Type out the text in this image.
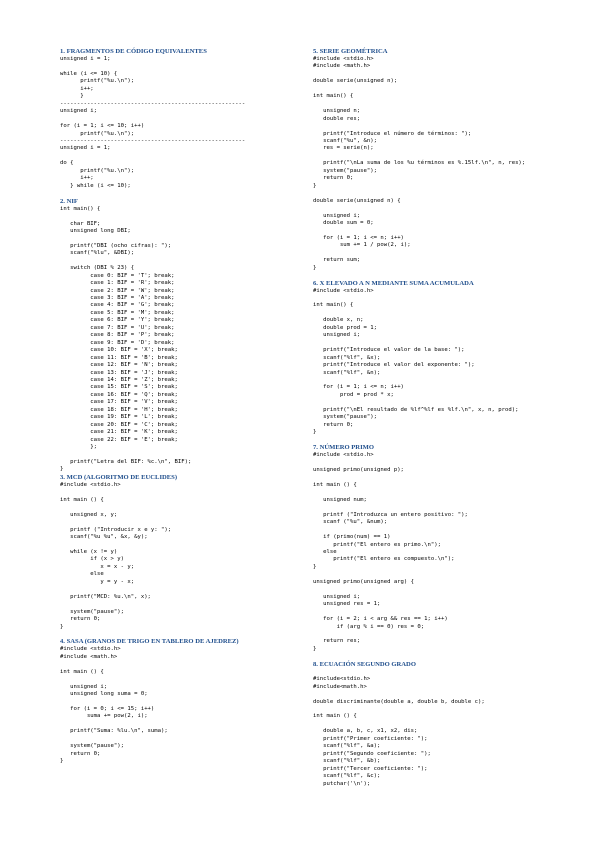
1. FRAGMENTOS DE CÓDIGO EQUIVALENTES
unsigned i = 1;

while (i <= 10) {
printf("%u.\n");
i++;
}
-------------------------------------------------------
unsigned i;

for (i = 1; i <= 10; i++)
printf("%u.\n");
-------------------------------------------------------
unsigned i = 1;

do {
printf("%u.\n");
i++;
} while (i <= 10);
2. NIF
int main() {

char BIF;
unsigned long DBI;

printf("DBI (ocho cifras): ");
scanf("%lu", &DBI);

switch (DBI % 23) {
case 0: BIF = 'T'; break;
case 1: BIF = 'R'; break;
case 2: BIF = 'W'; break;
case 3: BIF = 'A'; break;
case 4: BIF = 'G'; break;
case 5: BIF = 'M'; break;
case 6: BIF = 'Y'; break;
case 7: BIF = 'U'; break;
case 8: BIF = 'P'; break;
case 9: BIF = 'D'; break;
case 10: BIF = 'X'; break;
case 11: BIF = 'B'; break;
case 12: BIF = 'N'; break;
case 13: BIF = 'J'; break;
case 14: BIF = 'Z'; break;
case 15: BIF = 'S'; break;
case 16: BIF = 'Q'; break;
case 17: BIF = 'V'; break;
case 18: BIF = 'H'; break;
case 19: BIF = 'L'; break;
case 20: BIF = 'C'; break;
case 21: BIF = 'K'; break;
case 22: BIF = 'E'; break;
};

printf("Letra del BIF: %c.\n", BIF);
}
3. MCD (ALGORITMO DE EUCLIDES)
#include <stdio.h>

int main () {

unsigned x, y;

printf ("Introducir x e y: ");
scanf("%u %u", &x, &y);

while (x != y)
if (x > y)
x = x - y;
else
y = y - x;

printf("MCD: %u.\n", x);

system("pause");
return 0;
}
4. SASA (GRANOS DE TRIGO EN TABLERO DE AJEDREZ)
#include <stdio.h>
#include <math.h>

int main () {

unsigned i;
unsigned long suma = 0;

for (i = 0; i <= 15; i++)
suma += pow(2, i);

printf("Suma: %lu.\n", suma);

system("pause");
return 0;
}
5. SERIE GEOMÉTRICA
#include <stdio.h>
#include <math.h>

double serie(unsigned n);

int main() {

unsigned n;
double res;

printf("Introduce el número de términos: ");
scanf("%u", &n);
res = serie(n);

printf("\nLa suma de los %u términos es %.15lf.\n", n, res);
system("pause");
return 0;
}

double serie(unsigned n) {

unsigned i;
double sum = 0;

for (i = 1; i <= n; i++)
sum += 1 / pow(2, i);

return sum;
}
6. X ELEVADO A N MEDIANTE SUMA ACUMULADA
#include <stdio.h>

int main() {

double x, n;
double prod = 1;
unsigned i;

printf("Introduce el valor de la base: ");
scanf("%lf", &x);
printf("Introduce el valor del exponente: ");
scanf("%lf", &n);

for (i = 1; i <= n; i++)
prod = prod * x;

printf("\nEl resultado de %lf^%lf es %lf.\n", x, n, prod);
system("pause");
return 0;
}
7. NÚMERO PRIMO
#include <stdio.h>

unsigned primo(unsigned p);

int main () {

unsigned num;

printf ("Introduzca un entero positivo: ");
scanf ("%u", &num);

if (primo(num) == 1)
printf("El entero es primo.\n");
else
printf("El entero es compuesto.\n");
}

unsigned primo(unsigned arg) {

unsigned i;
unsigned res = 1;

for (i = 2; i < arg && res == 1; i++)
if (arg % i == 0) res = 0;

return res;
}
8. ECUACIÓN SEGUNDO GRADO
#include<stdio.h>
#include<math.h>

double discriminante(double a, double b, double c);

int main () {

double a, b, c, x1, x2, dis;
printf("Primer coeficiente: ");
scanf("%lf", &a);
printf("Segundo coeficiente: ");
scanf("%lf", &b);
printf("Tercer coeficiente: ");
scanf("%lf", &c);
putchar('\n');
